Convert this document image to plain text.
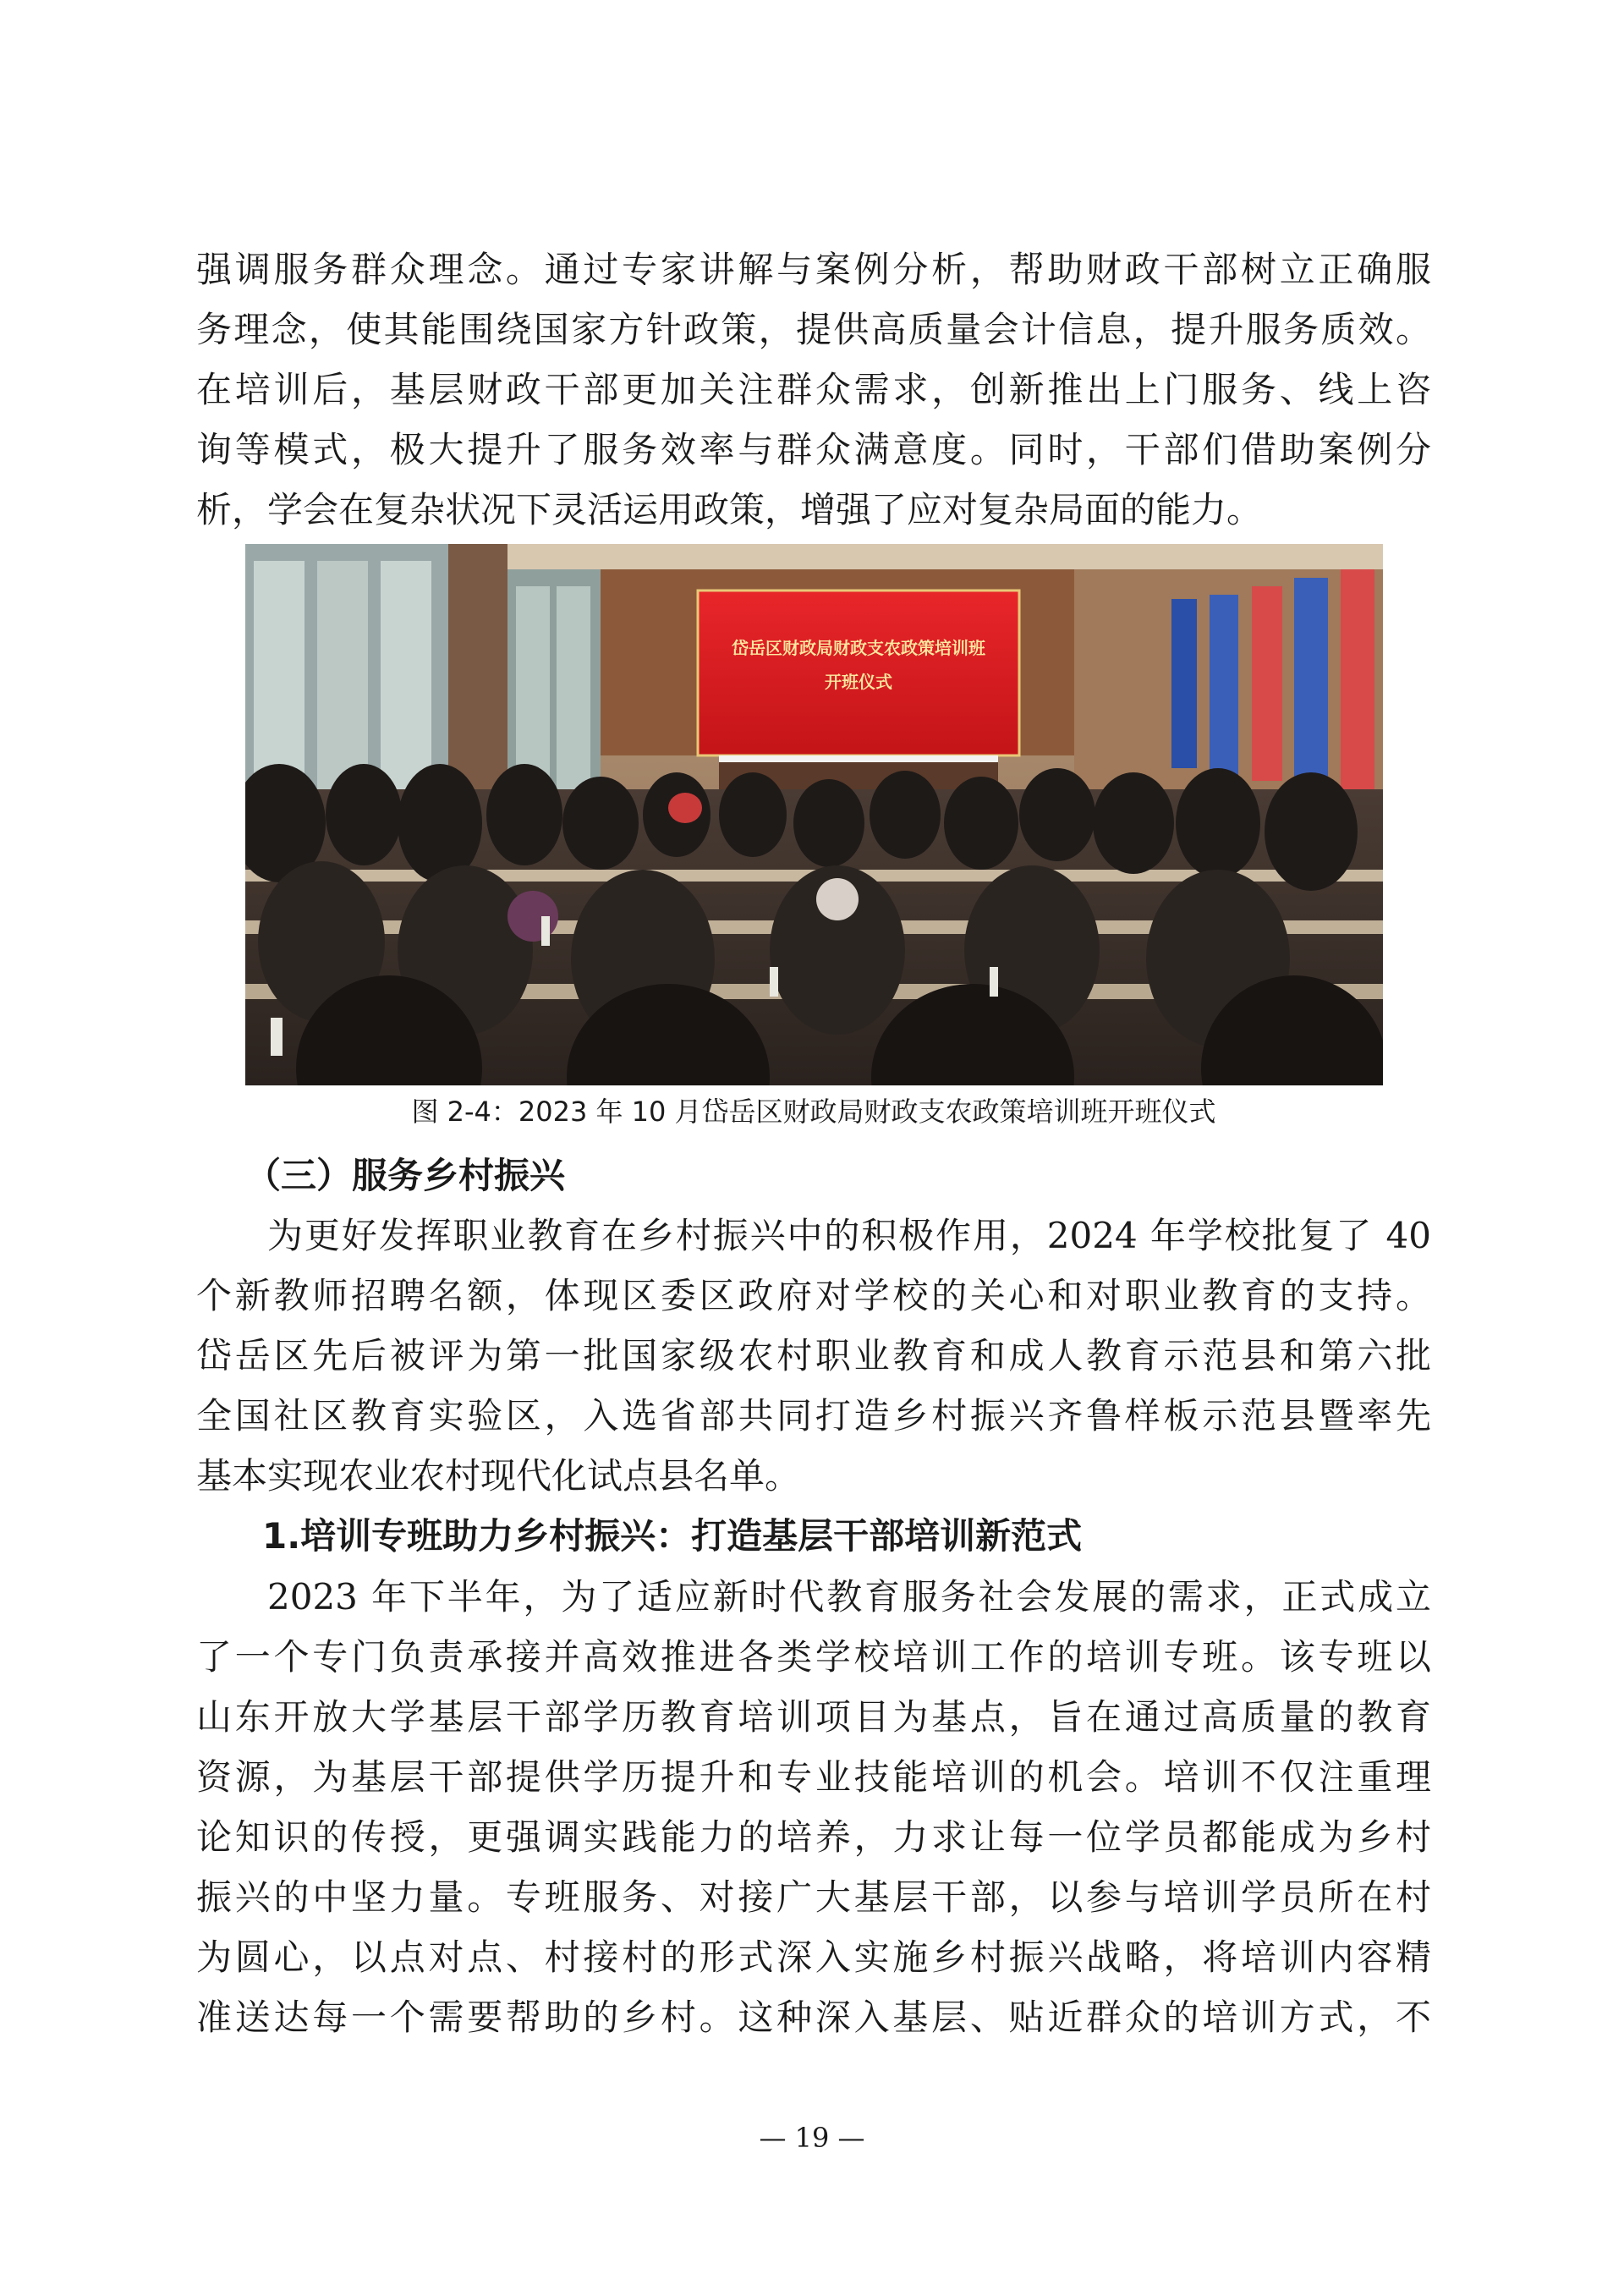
强调服务群众理念。通过专家讲解与案例分析，帮助财政干部树立正确服
务理念，使其能围绕国家方针政策，提供高质量会计信息，提升服务质效。
在培训后，基层财政干部更加关注群众需求，创新推出上门服务、线上咨
询等模式，极大提升了服务效率与群众满意度。同时，干部们借助案例分
析，学会在复杂状况下灵活运用政策，增强了应对复杂局面的能力。
岱岳区财政局财政支农政策培训班
开班仪式

图 2-4：2023 年 10 月岱岳区财政局财政支农政策培训班开班仪式

（三）服务乡村振兴

为更好发挥职业教育在乡村振兴中的积极作用，2024 年学校批复了 40
个新教师招聘名额，体现区委区政府对学校的关心和对职业教育的支持。
岱岳区先后被评为第一批国家级农村职业教育和成人教育示范县和第六批
全国社区教育实验区，入选省部共同打造乡村振兴齐鲁样板示范县暨率先
基本实现农业农村现代化试点县名单。

1.培训专班助力乡村振兴：打造基层干部培训新范式

2023 年下半年，为了适应新时代教育服务社会发展的需求，正式成立
了一个专门负责承接并高效推进各类学校培训工作的培训专班。该专班以
山东开放大学基层干部学历教育培训项目为基点，旨在通过高质量的教育
资源，为基层干部提供学历提升和专业技能培训的机会。培训不仅注重理
论知识的传授，更强调实践能力的培养，力求让每一位学员都能成为乡村
振兴的中坚力量。专班服务、对接广大基层干部，以参与培训学员所在村
为圆心，以点对点、村接村的形式深入实施乡村振兴战略，将培训内容精
准送达每一个需要帮助的乡村。这种深入基层、贴近群众的培训方式，不

— 19 —
